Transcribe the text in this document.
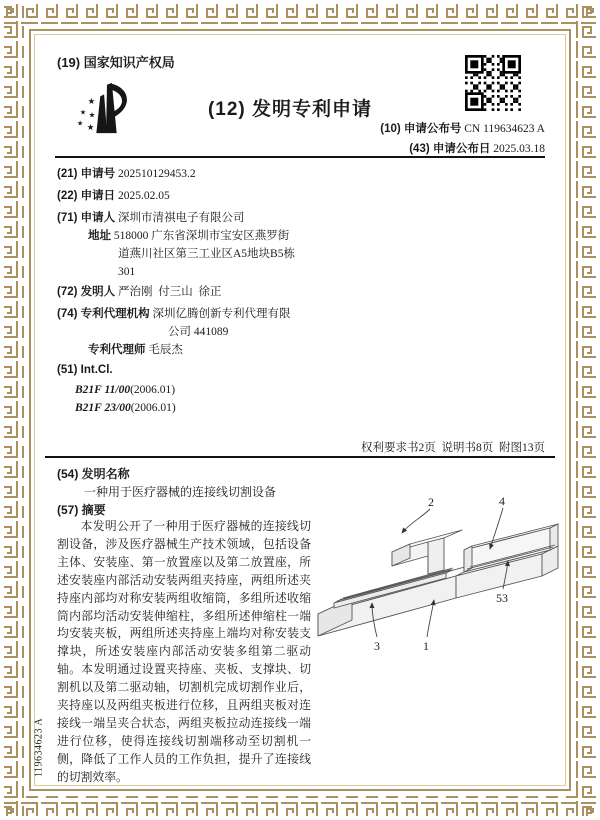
(19) 国家知识产权局
★
★ ★
★ ★
(12) 发明专利申请
(10) 申请公布号 CN 119634623 A
(43) 申请公布日 2025.03.18
(21) 申请号 202510129453.2
(22) 申请日 2025.02.05
(71) 申请人 深圳市清祺电子有限公司
地址 518000 广东省深圳市宝安区燕罗街
道燕川社区第三工业区A5地块B5栋
301
(72) 发明人 严治刚  付三山  徐正
(74) 专利代理机构 深圳亿腾创新专利代理有限
公司 441089
专利代理师 毛辰杰
(51) Int.Cl.
B21F 11/00(2006.01)
B21F 23/00(2006.01)
权利要求书2页  说明书8页  附图13页
(54) 发明名称
一种用于医疗器械的连接线切割设备
(57) 摘要
本发明公开了一种用于医疗器械的连接线切割设备，涉及医疗器械生产技术领域，包括设备主体、安装座、第一放置座以及第二放置座，所述安装座内部活动安装两组夹持座，两组所述夹持座内部均对称安装两组收缩筒，多组所述收缩筒内部均活动安装伸缩柱，多组所述伸缩柱一端均安装夹板，两组所述夹持座上端均对称安装支撑块，所述安装座内部活动安装多组第二驱动轴。本发明通过设置夹持座、夹板、支撑块、切割机以及第二驱动轴，切割机完成切割作业后，夹持座以及两组夹板进行位移，且两组夹板对连接线一端呈夹合状态，两组夹板拉动连接线一端进行位移，使得连接线切割端移动至切割机一侧，降低了工作人员的工作负担，提升了连接线的切割效率。
2	4
53
3	1
119634623 A
